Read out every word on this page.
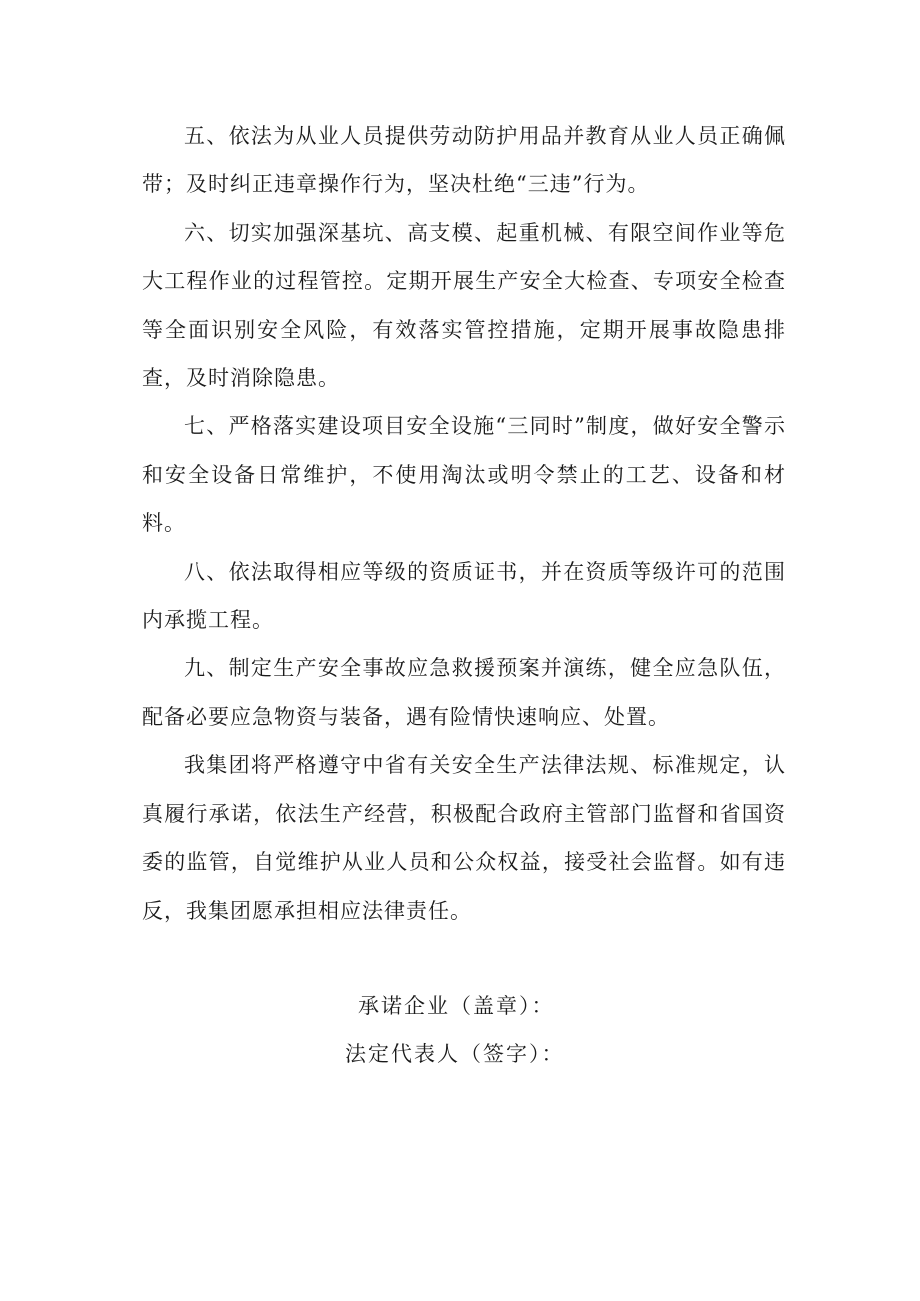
五、依法为从业人员提供劳动防护用品并教育从业人员正确佩带；及时纠正违章操作行为，坚决杜绝“三违”行为。

六、切实加强深基坑、高支模、起重机械、有限空间作业等危大工程作业的过程管控。定期开展生产安全大检查、专项安全检查等全面识别安全风险，有效落实管控措施，定期开展事故隐患排查，及时消除隐患。

七、严格落实建设项目安全设施“三同时”制度，做好安全警示和安全设备日常维护，不使用淘汰或明令禁止的工艺、设备和材料。

八、依法取得相应等级的资质证书，并在资质等级许可的范围内承揽工程。

九、制定生产安全事故应急救援预案并演练，健全应急队伍，配备必要应急物资与装备，遇有险情快速响应、处置。

我集团将严格遵守中省有关安全生产法律法规、标准规定，认真履行承诺，依法生产经营，积极配合政府主管部门监督和省国资委的监管，自觉维护从业人员和公众权益，接受社会监督。如有违反，我集团愿承担相应法律责任。

承诺企业（盖章）：

法定代表人（签字）：
